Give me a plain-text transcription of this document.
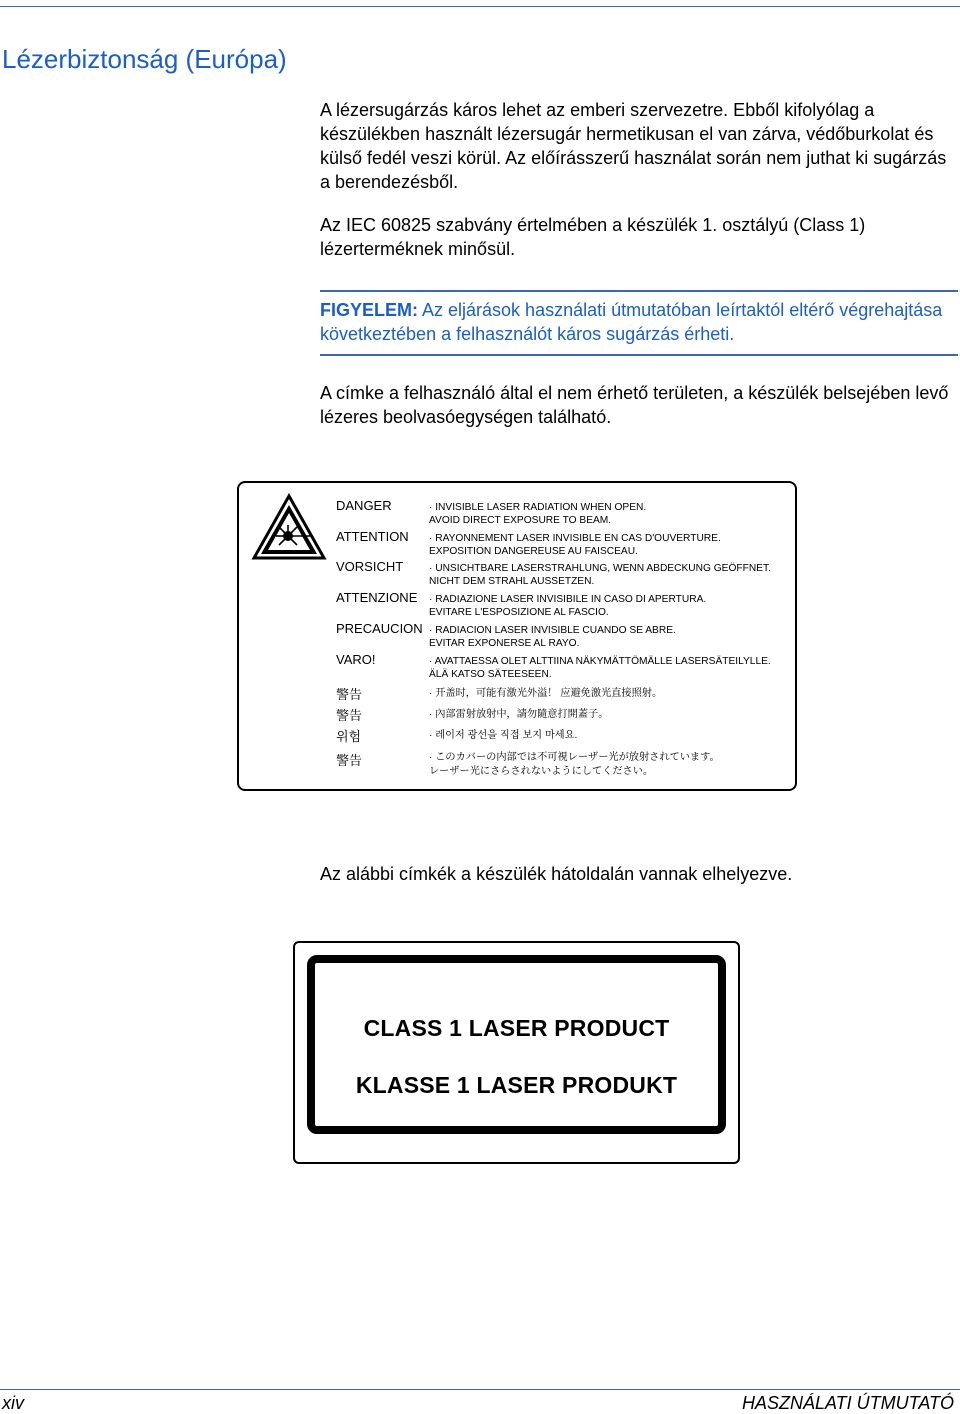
Lézerbiztonság (Európa)

A lézersugárzás káros lehet az emberi szervezetre. Ebből kifolyólag a készülékben használt lézersugár hermetikusan el van zárva, védőburkolat és külső fedél veszi körül. Az előírásszerű használat során nem juthat ki sugárzás a berendezésből.

Az IEC 60825 szabvány értelmében a készülék 1. osztályú (Class 1) lézerterméknek minősül.

FIGYELEM: Az eljárások használati útmutatóban leírtaktól eltérő végrehajtása következtében a felhasználót káros sugárzás érheti.

A címke a felhasználó által el nem érhető területen, a készülék belsejében levő lézeres beolvasóegységen található.

DANGER
ATTENTION
VORSICHT
ATTENZIONE
PRECAUCION
VARO!
警告
警告
위험
警告
· INVISIBLE LASER RADIATION WHEN OPEN.
AVOID DIRECT EXPOSURE TO BEAM.
· RAYONNEMENT LASER INVISIBLE EN CAS D'OUVERTURE.
EXPOSITION DANGEREUSE AU FAISCEAU.
· UNSICHTBARE LASERSTRAHLUNG, WENN ABDECKUNG GEÖFFNET.
NICHT DEM STRAHL AUSSETZEN.
· RADIAZIONE LASER INVISIBILE IN CASO DI APERTURA.
EVITARE L'ESPOSIZIONE AL FASCIO.
· RADIACION LASER INVISIBLE CUANDO SE ABRE.
EVITAR EXPONERSE AL RAYO.
· AVATTAESSA OLET ALTTIINA NÄKYMÄTTÖMÄLLE LASERSÄTEILYLLE.
ÄLÄ KATSO SÄTEESEEN.
· 开盖时，可能有激光外溢！ 应避免激光直接照射。
· 內部雷射放射中，請勿隨意打開蓋子。
· 레이저 광선을 직접 보지 마세요.
· このカバーの内部では不可視レーザー光が放射されています。
レーザー光にさらされないようにしてください。

Az alábbi címkék a készülék hátoldalán vannak elhelyezve.

CLASS 1 LASER PRODUCT
KLASSE 1 LASER PRODUKT
xiv	HASZNÁLATI ÚTMUTATÓ
